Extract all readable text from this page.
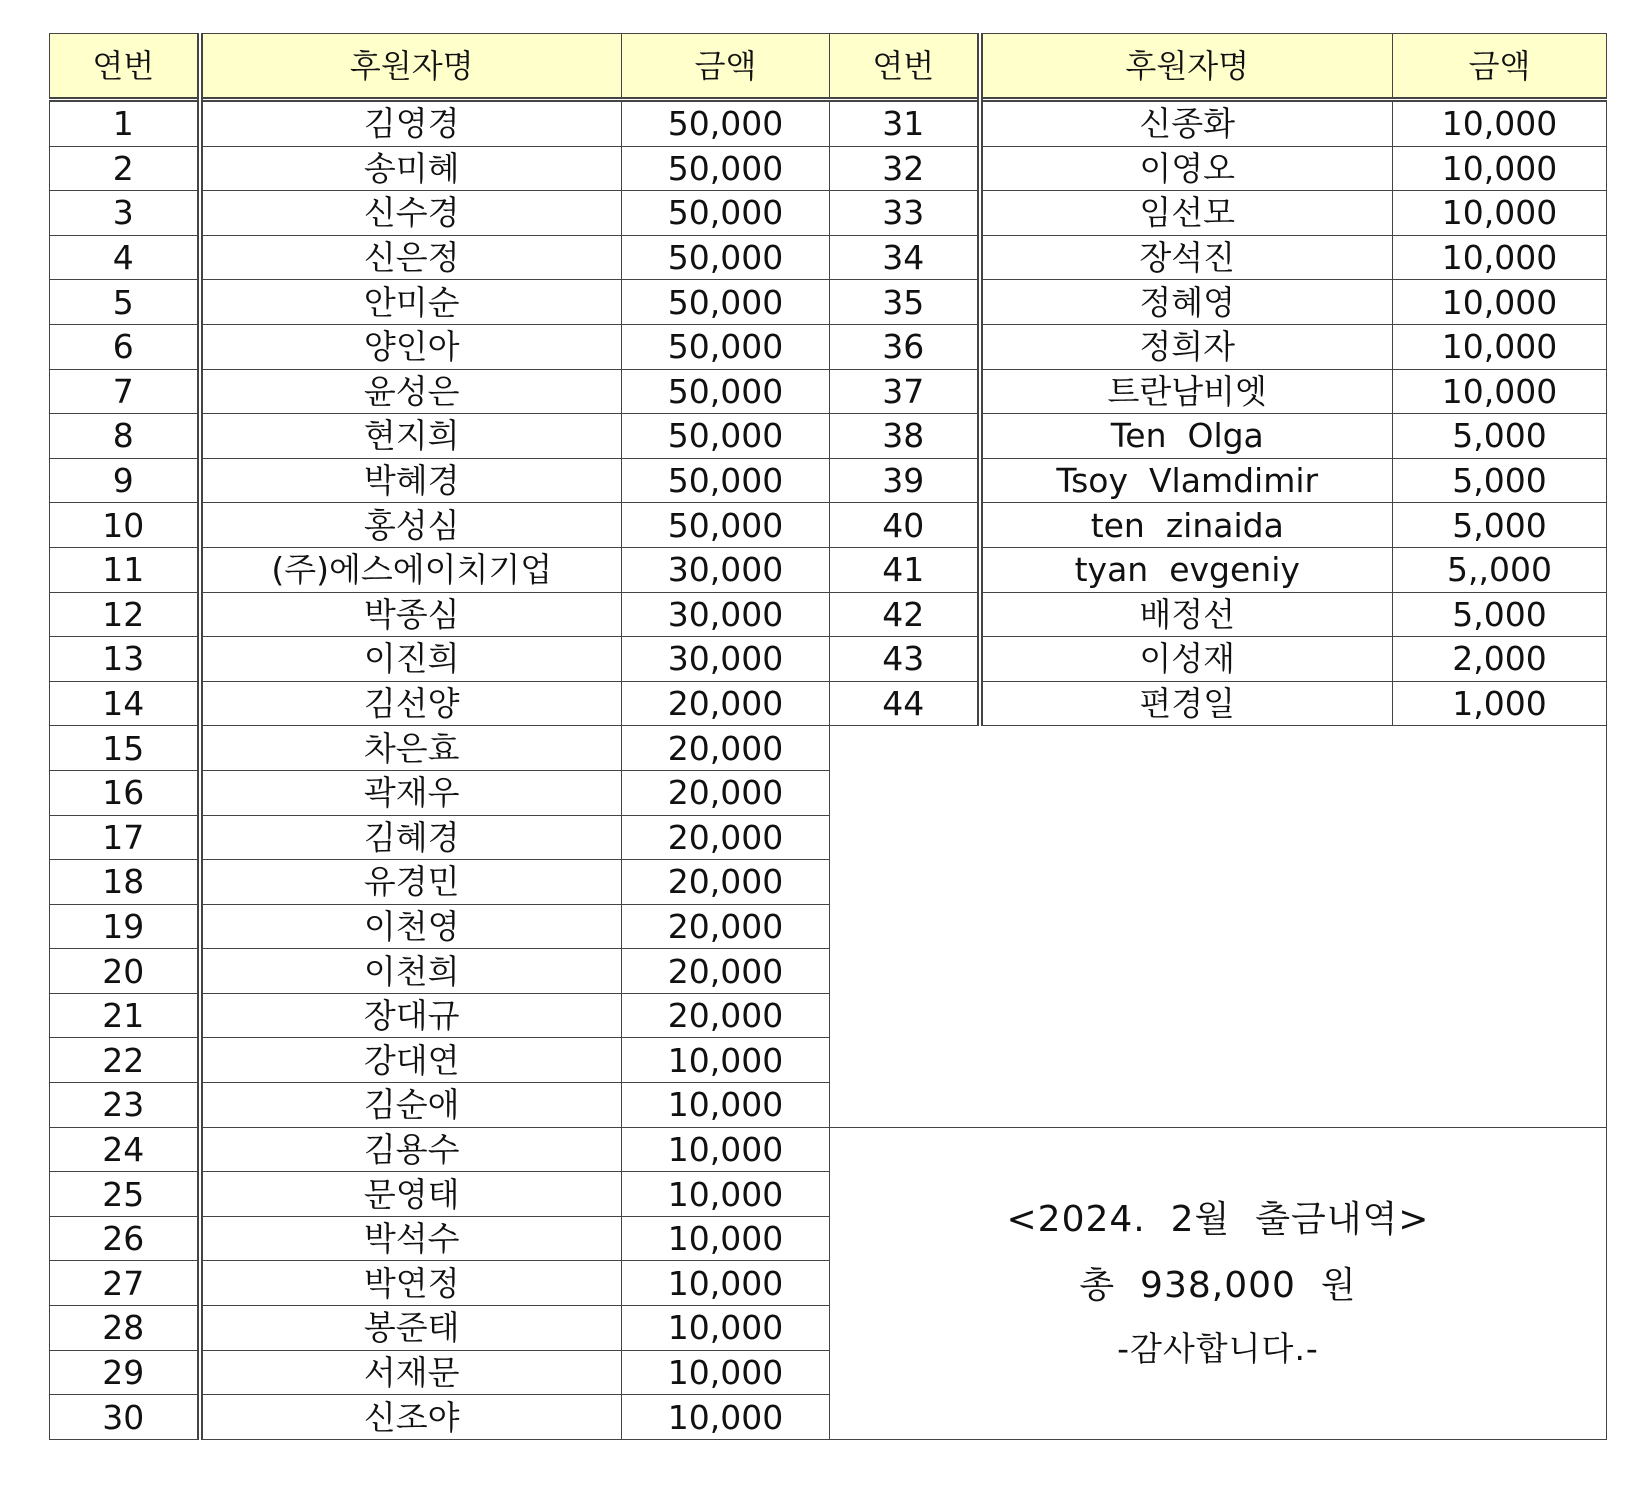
연번	후원자명	금액	연번	후원자명	금액
1	김영경	50,000	31	신종화	10,000
2	송미혜	50,000	32	이영오	10,000
3	신수경	50,000	33	임선모	10,000
4	신은정	50,000	34	장석진	10,000
5	안미순	50,000	35	정혜영	10,000
6	양인아	50,000	36	정희자	10,000
7	윤성은	50,000	37	트란남비엣	10,000
8	현지희	50,000	38	Ten  Olga	5,000
9	박혜경	50,000	39	Tsoy  Vlamdimir	5,000
10	홍성심	50,000	40	ten  zinaida	5,000
11	(주)에스에이치기업	30,000	41	tyan  evgeniy	5,,000
12	박종심	30,000	42	배정선	5,000
13	이진희	30,000	43	이성재	2,000
14	김선양	20,000	44	편경일	1,000
15	차은효	20,000			
16	곽재우	20,000			
17	김혜경	20,000			
18	유경민	20,000			
19	이천영	20,000			
20	이천희	20,000			
21	장대규	20,000			
22	강대연	10,000			
23	김순애	10,000			
24	김용수	10,000	<2024.  2월  출금내역>
총  938,000  원
-감사합니다.-		

25	문영태	10,000			
26	박석수	10,000			
27	박연정	10,000			
28	봉준태	10,000			
29	서재문	10,000			
30	신조야	10,000			
